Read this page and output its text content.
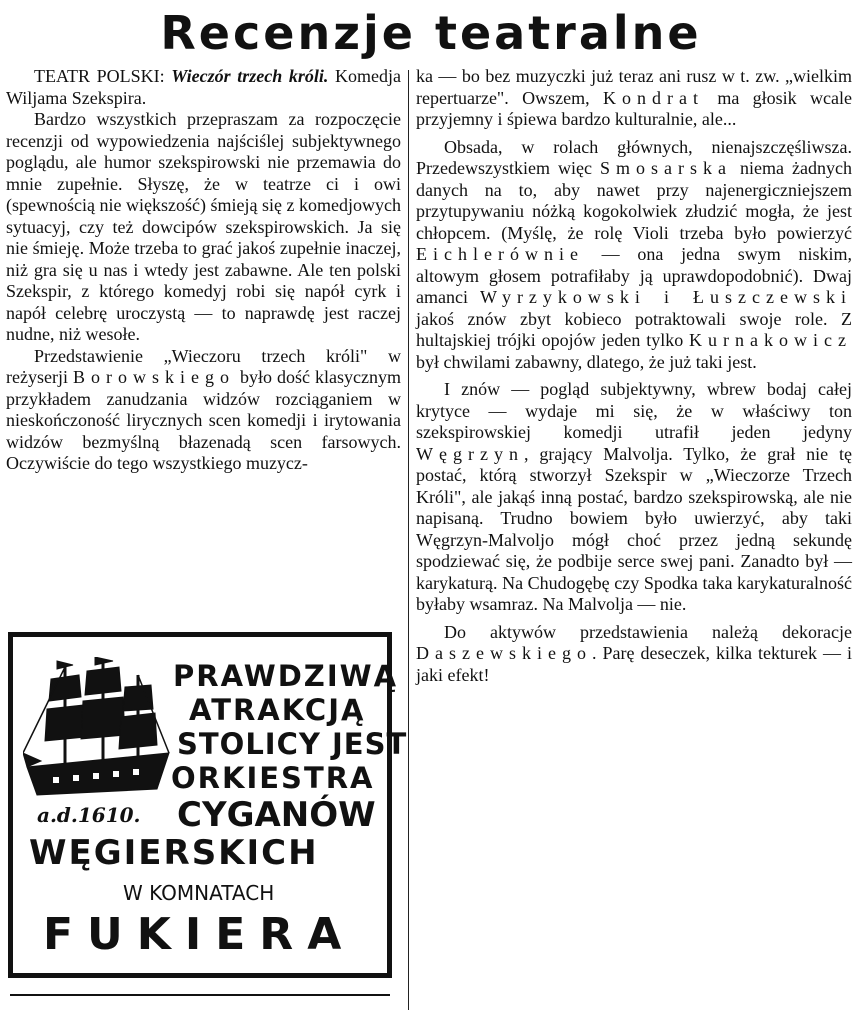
Recenzje teatralne

TEATR POLSKI: Wieczór trzech króli. Komedja Wiljama Szekspira.

Bardzo wszystkich przepraszam za rozpoczęcie recenzji od wypowiedzenia najściślej subjektywnego poglądu, ale humor szekspirowski nie przemawia do mnie zupełnie. Słyszę, że w teatrze ci i owi (spewnością nie większość) śmieją się z komedjowych sytuacyj, czy też dowcipów szekspirowskich. Ja się nie śmieję. Może trzeba to grać jakoś zupełnie inaczej, niż gra się u nas i wtedy jest zabawne. Ale ten polski Szekspir, z którego komedyj robi się napół cyrk i napół celebrę uroczystą — to naprawdę jest raczej nudne, niż wesołe.

Przedstawienie „Wieczoru trzech króli" w reżyserji Borowskiego było dość klasycznym przykładem zanudzania widzów rozciąganiem w nieskończoność lirycznych scen komedji i irytowania widzów bezmyślną błazenadą scen farsowych. Oczywiście do tego wszystkiego muzycz-

PRAWDZIWĄ
ATRAKCJĄ
STOLICY JEST
ORKIESTRA
a.d.1610. CYGANÓW
WĘGIERSKICH
W KOMNATACH
FUKIERA

ka — bo bez muzyczki już teraz ani rusz w t. zw. „wielkim repertuarze". Owszem, Kondrat ma głosik wcale przyjemny i śpiewa bardzo kulturalnie, ale...

Obsada, w rolach głównych, nienajszczęśliwsza. Przedewszystkiem więc Smosarska niema żadnych danych na to, aby nawet przy najenergiczniejszem przytupywaniu nóżką kogokolwiek złudzić mogła, że jest chłopcem. (Myślę, że rolę Violi trzeba było powierzyć Eichlerównie — ona jedna swym niskim, altowym głosem potrafiłaby ją uprawdopodobnić). Dwaj amanci Wyrzykowski i Łuszczewski jakoś znów zbyt kobieco potraktowali swoje role. Z hultajskiej trójki opojów jeden tylko Kurnakowicz był chwilami zabawny, dlatego, że już taki jest.

I znów — pogląd subjektywny, wbrew bodaj całej krytyce — wydaje mi się, że w właściwy ton szekspirowskiej komedji utrafił jeden jedyny Węgrzyn, grający Malvolja. Tylko, że grał nie tę postać, którą stworzył Szekspir w „Wieczorze Trzech Króli", ale jakąś inną postać, bardzo szekspirowską, ale nie napisaną. Trudno bowiem było uwierzyć, aby taki Węgrzyn-Malvoljo mógł choć przez jedną sekundę spodziewać się, że podbije serce swej pani. Zanadto był — karykaturą. Na Chudogębę czy Spodka taka karykaturalność byłaby wsamraz. Na Malvolja — nie.

Do aktywów przedstawienia należą dekoracje Daszewskiego. Parę deseczek, kilka tekturek — i jaki efekt!
